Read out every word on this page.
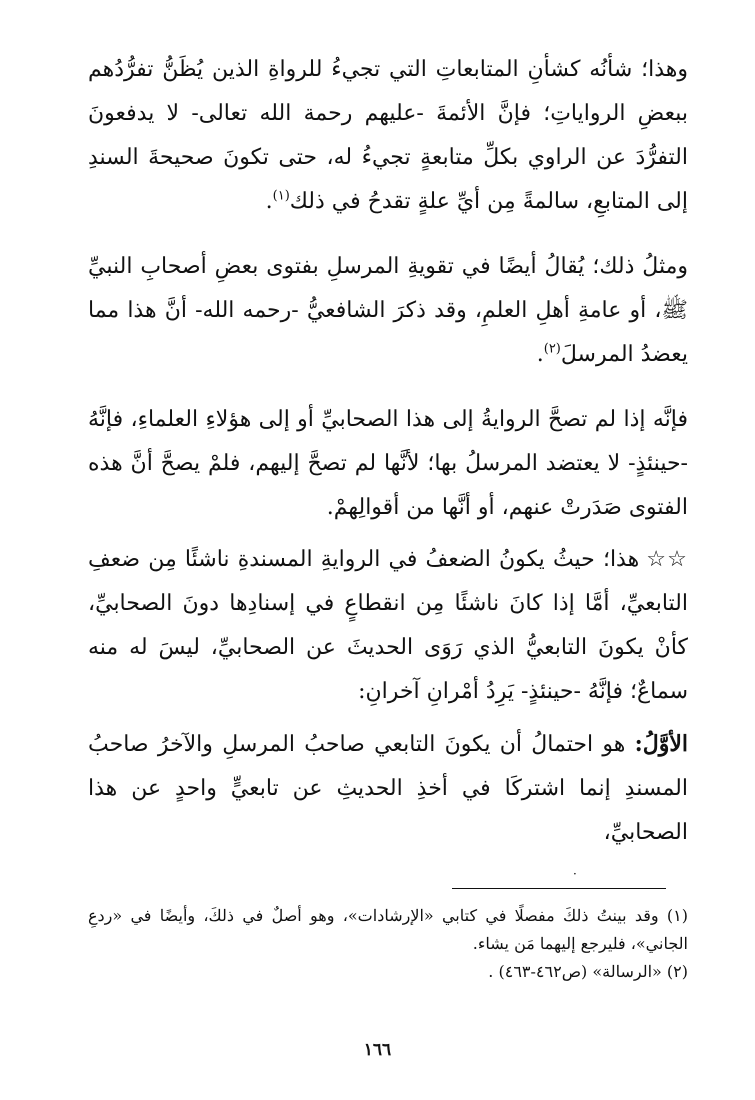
وهذا؛ شأنُه كشأنِ المتابعاتِ التي تجيءُ للرواةِ الذين يُظَنُّ تفرُّدُهم ببعضِ الرواياتِ؛ فإنَّ الأئمةَ -عليهم رحمة الله تعالى- لا يدفعونَ التفرُّدَ عن الراوي بكلِّ متابعةٍ تجيءُ له، حتى تكونَ صحيحةَ السندِ إلى المتابعِ، سالمةً مِن أيِّ علةٍ تقدحُ في ذلك$^{(١)}$.

ومثلُ ذلك؛ يُقالُ أيضًا في تقويةِ المرسلِ بفتوى بعضِ أصحابِ النبيِّ ﷺ، أو عامةِ أهلِ العلمِ، وقد ذكرَ الشافعيُّ -رحمه الله- أنَّ هذا مما يعضدُ المرسلَ$^{(٢)}$.

فإنَّه إذا لم تصحَّ الروايةُ إلى هذا الصحابيِّ أو إلى هؤلاءِ العلماءِ، فإنَّهُ -حينئذٍ- لا يعتضد المرسلُ بها؛ لأنَّها لم تصحَّ إليهم، فلمْ يصحَّ أنَّ هذه الفتوى صَدَرتْ عنهم، أو أنَّها من أقوالِهمْ.

☆☆ هذا؛ حيثُ يكونُ الضعفُ في الروايةِ المسندةِ ناشئًا مِن ضعفِ التابعيِّ، أمَّا إذا كانَ ناشئًا مِن انقطاعٍ في إسنادِها دونَ الصحابيِّ، كأنْ يكونَ التابعيُّ الذي رَوَى الحديثَ عن الصحابيِّ، ليسَ له منه سماعٌ؛ فإنَّهُ -حينئذٍ- يَرِدُ أمْرانِ آخرانِ:

الأوَّلُ: هو احتمالُ أن يكونَ التابعي صاحبُ المرسلِ والآخرُ صاحبُ المسندِ إنما اشتركَا في أخذِ الحديثِ عن تابعيٍّ واحدٍ عن هذا الصحابيِّ،

·

(١) وقد بينتُ ذلكَ مفصلًا في كتابي «الإرشادات»، وهو أصلٌ في ذلكَ، وأيضًا في «ردعِ الجاني»، فليرجع إليهما مَن يشاء.

(٢) «الرسالة» (ص٤٦٢-٤٦٣) .

١٦٦
